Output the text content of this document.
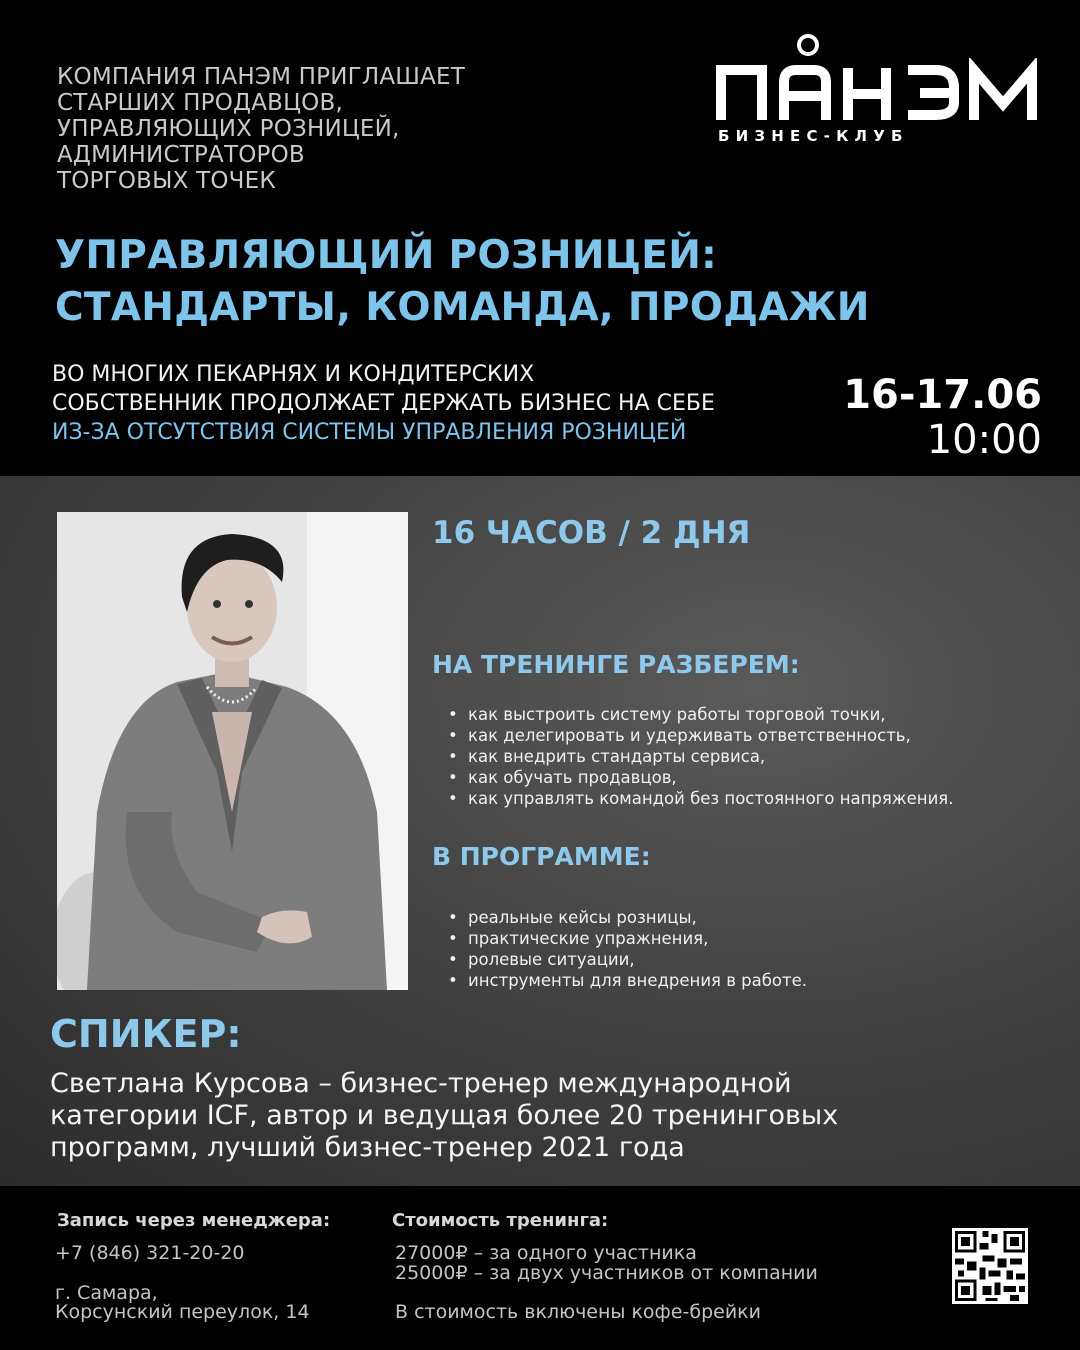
КОМПАНИЯ ПАНЭМ ПРИГЛАШАЕТ
СТАРШИХ ПРОДАВЦОВ,
УПРАВЛЯЮЩИХ РОЗНИЦЕЙ,
АДМИНИСТРАТОРОВ
ТОРГОВЫХ ТОЧЕК
БИЗНЕС-КЛУБ
УПРАВЛЯЮЩИЙ РОЗНИЦЕЙ:
СТАНДАРТЫ, КОМАНДА, ПРОДАЖИ
ВО МНОГИХ ПЕКАРНЯХ И КОНДИТЕРСКИХ
СОБСТВЕННИК ПРОДОЛЖАЕТ ДЕРЖАТЬ БИЗНЕС НА СЕБЕ
ИЗ-ЗА ОТСУТСТВИЯ СИСТЕМЫ УПРАВЛЕНИЯ РОЗНИЦЕЙ
16-17.06
10:00
16 ЧАСОВ / 2 ДНЯ
НА ТРЕНИНГЕ РАЗБЕРЕМ:
• как выстроить систему работы торговой точки,
• как делегировать и удерживать ответственность,
• как внедрить стандарты сервиса,
• как обучать продавцов,
• как управлять командой без постоянного напряжения.
В ПРОГРАММЕ:
• реальные кейсы розницы,
• практические упражнения,
• ролевые ситуации,
• инструменты для внедрения в работе.
СПИКЕР:
Светлана Курсова – бизнес-тренер международной
категории ICF, автор и ведущая более 20 тренинговых
программ, лучший бизнес-тренер 2021 года
Запись через менеджера:
+7 (846) 321-20-20
г. Самара,
Корсунский переулок, 14
Стоимость тренинга:
27000₽ – за одного участника
25000₽ – за двух участников от компании
В стоимость включены кофе-брейки
